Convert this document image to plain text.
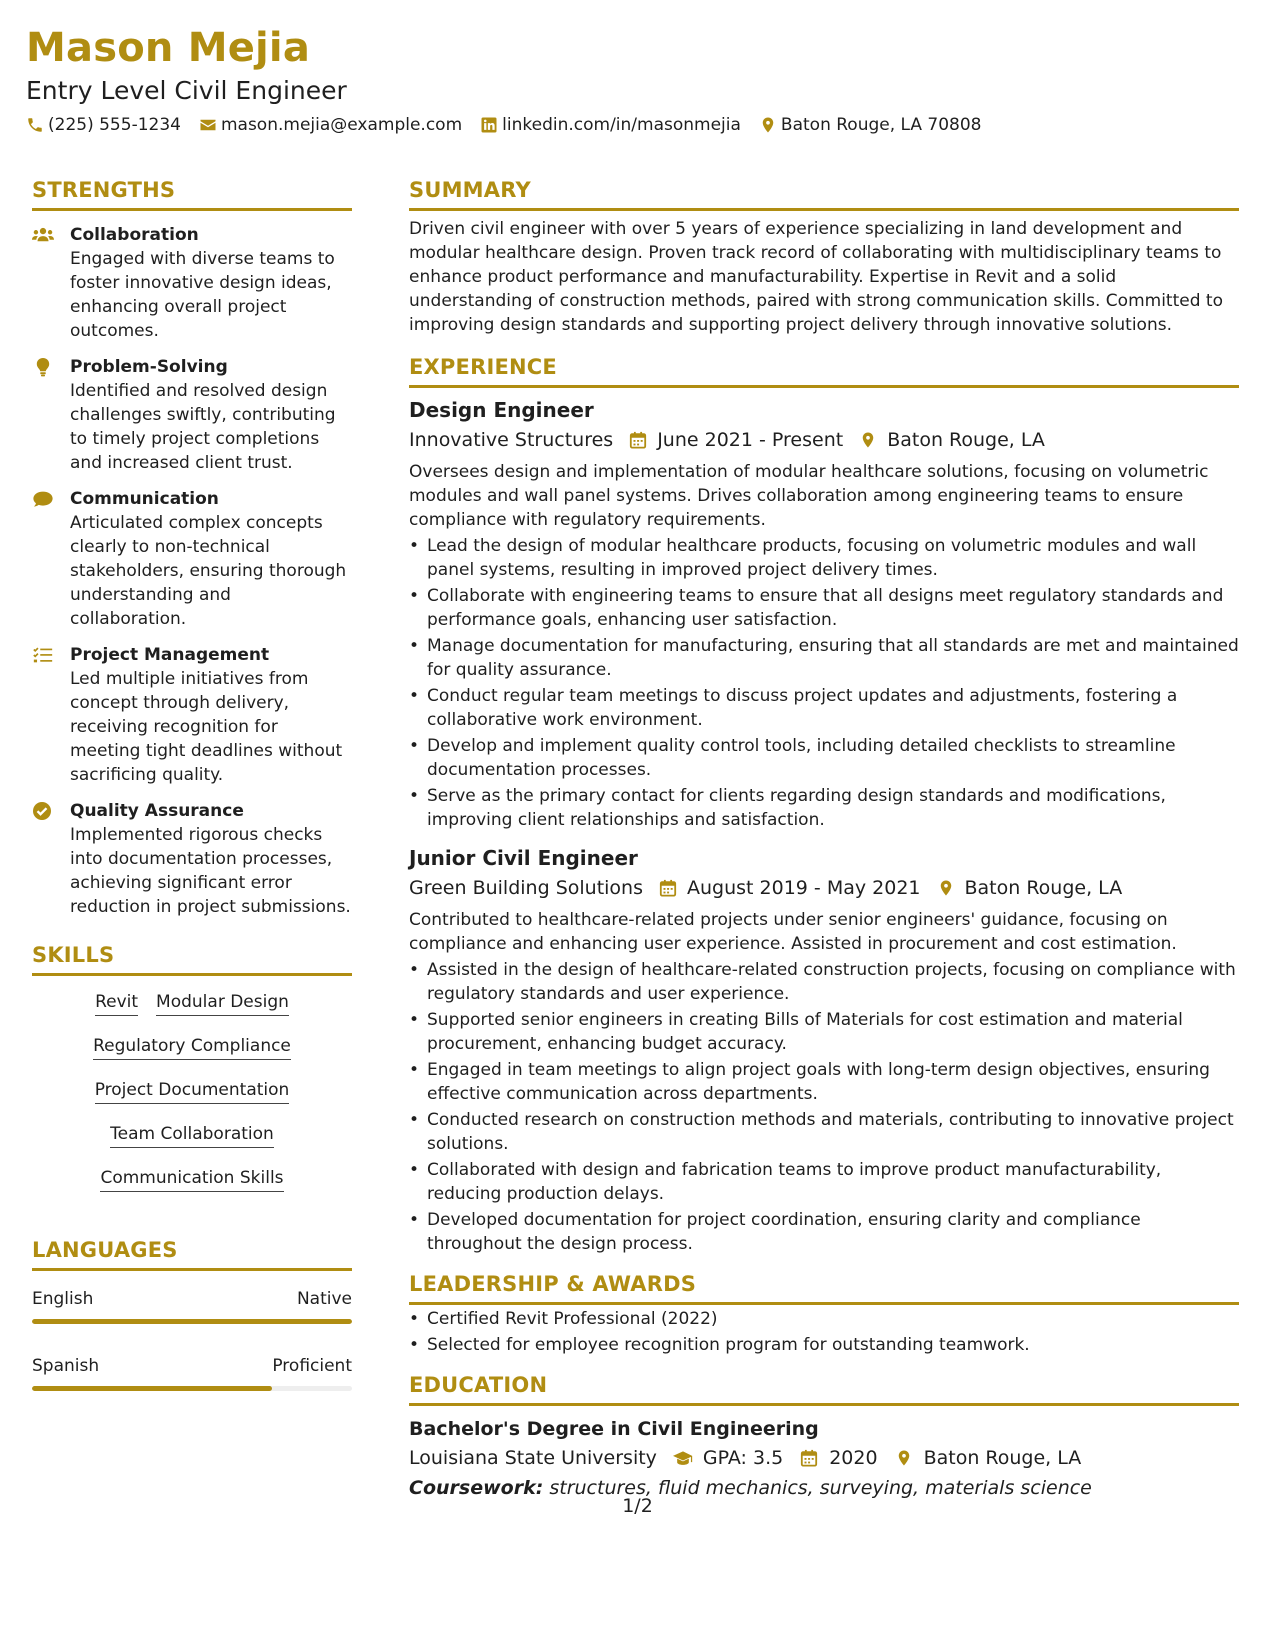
Mason Mejia
Entry Level Civil Engineer
(225) 555-1234 mason.mejia@example.com linkedin.com/in/masonmejia Baton Rouge, LA 70808
STRENGTHS
Collaboration
Engaged with diverse teams to foster innovative design ideas, enhancing overall project outcomes.
Problem-Solving
Identified and resolved design challenges swiftly, contributing to timely project completions and increased client trust.
Communication
Articulated complex concepts clearly to non-technical stakeholders, ensuring thorough understanding and collaboration.
Project Management
Led multiple initiatives from concept through delivery, receiving recognition for meeting tight deadlines without sacrificing quality.
Quality Assurance
Implemented rigorous checks into documentation processes, achieving significant error reduction in project submissions.
SKILLS
Revit Modular Design
Regulatory Compliance
Project Documentation
Team Collaboration
Communication Skills
LANGUAGES
English	Native
Spanish	Proficient
SUMMARY
Driven civil engineer with over 5 years of experience specializing in land development and modular healthcare design. Proven track record of collaborating with multidisciplinary teams to enhance product performance and manufacturability. Expertise in Revit and a solid understanding of construction methods, paired with strong communication skills. Committed to improving design standards and supporting project delivery through innovative solutions.
EXPERIENCE
Design Engineer
Innovative Structures June 2021 - Present Baton Rouge, LA
Oversees design and implementation of modular healthcare solutions, focusing on volumetric modules and wall panel systems. Drives collaboration among engineering teams to ensure compliance with regulatory requirements.
• Lead the design of modular healthcare products, focusing on volumetric modules and wall panel systems, resulting in improved project delivery times.
• Collaborate with engineering teams to ensure that all designs meet regulatory standards and performance goals, enhancing user satisfaction.
• Manage documentation for manufacturing, ensuring that all standards are met and maintained for quality assurance.
• Conduct regular team meetings to discuss project updates and adjustments, fostering a collaborative work environment.
• Develop and implement quality control tools, including detailed checklists to streamline documentation processes.
• Serve as the primary contact for clients regarding design standards and modifications, improving client relationships and satisfaction.
Junior Civil Engineer
Green Building Solutions August 2019 - May 2021 Baton Rouge, LA
Contributed to healthcare-related projects under senior engineers' guidance, focusing on compliance and enhancing user experience. Assisted in procurement and cost estimation.
• Assisted in the design of healthcare-related construction projects, focusing on compliance with regulatory standards and user experience.
• Supported senior engineers in creating Bills of Materials for cost estimation and material procurement, enhancing budget accuracy.
• Engaged in team meetings to align project goals with long-term design objectives, ensuring effective communication across departments.
• Conducted research on construction methods and materials, contributing to innovative project solutions.
• Collaborated with design and fabrication teams to improve product manufacturability, reducing production delays.
• Developed documentation for project coordination, ensuring clarity and compliance throughout the design process.
LEADERSHIP & AWARDS
• Certified Revit Professional (2022)
• Selected for employee recognition program for outstanding teamwork.
EDUCATION
Bachelor's Degree in Civil Engineering
Louisiana State University GPA: 3.5 2020 Baton Rouge, LA
Coursework: structures, fluid mechanics, surveying, materials science
1/2
